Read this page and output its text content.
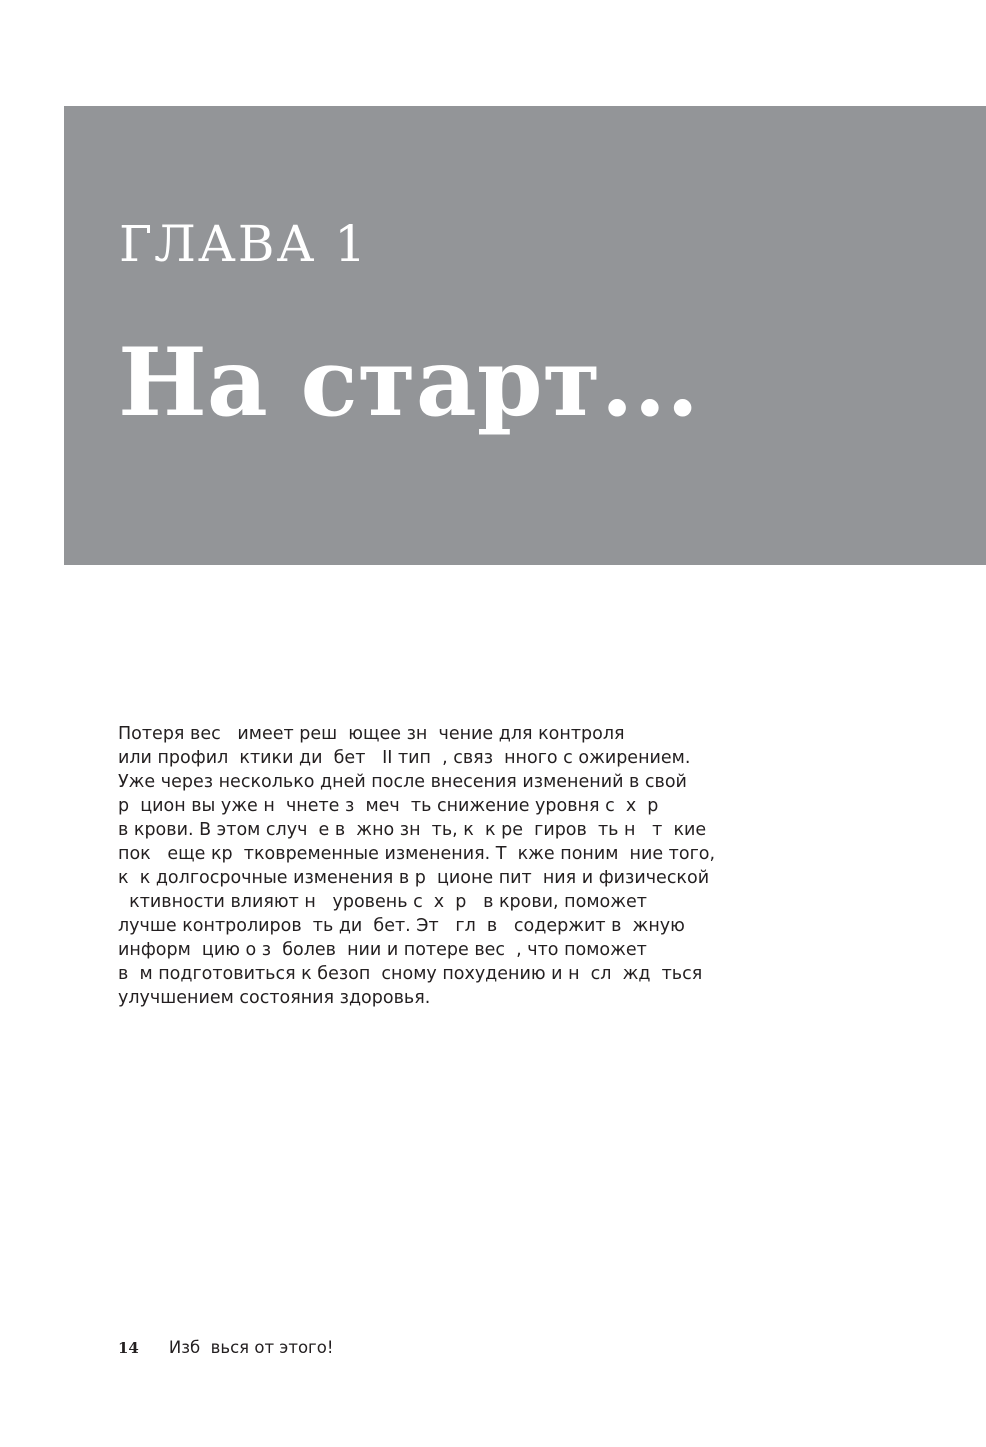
ГЛАВА 1
На старт...
Потеря вес   имеет реш  ющее зн  чение для контроля
или профил  ктики ди  бет   II тип  , связ  нного с ожирением.
Уже через несколько дней после внесения изменений в свой
р  цион вы уже н  чнете з  меч  ть снижение уровня с  х  р
в крови. В этом случ  е в  жно зн  ть, к  к ре  гиров  ть н   т  кие
пок   еще кр  тковременные изменения. Т  кже поним  ние того,
к  к долгосрочные изменения в р  ционе пит  ния и физической
ктивности влияют н   уровень с  х  р   в крови, поможет
лучше контролиров  ть ди  бет. Эт   гл  в   содержит в  жную
информ  цию о з  болев  нии и потере вес  , что поможет
в  м подготовиться к безоп  сному похудению и н  сл  жд  ться
улучшением состояния здоровья.
14 Изб  вься от этого!
